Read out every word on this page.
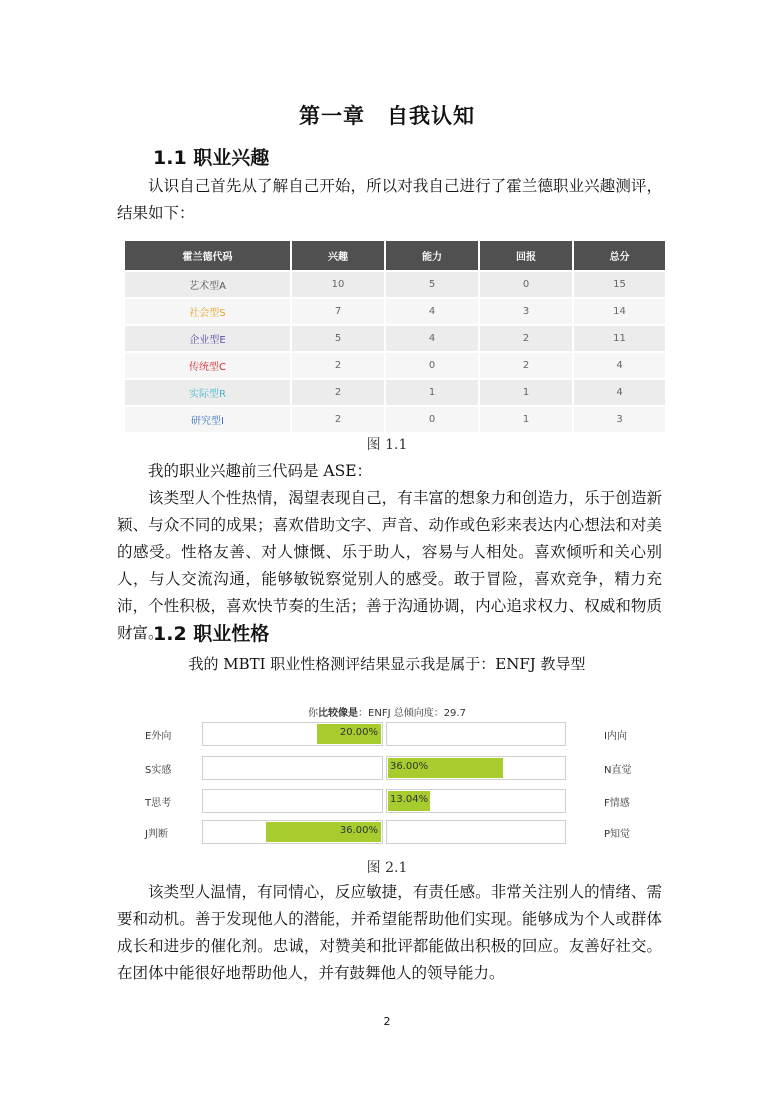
第一章　自我认知
1.1 职业兴趣

认识自己首先从了解自己开始，所以对我自己进行了霍兰德职业兴趣测评，结果如下：

霍兰德代码	兴趣	能力	回报	总分
艺术型A	10	5	0	15
社会型S	7	4	3	14
企业型E	5	4	2	11
传统型C	2	0	2	4
实际型R	2	1	1	4
研究型I	2	0	1	3
图 1.1

我的职业兴趣前三代码是 ASE：

该类型人个性热情，渴望表现自己，有丰富的想象力和创造力，乐于创造新颖、与众不同的成果；喜欢借助文字、声音、动作或色彩来表达内心想法和对美的感受。性格友善、对人慷慨、乐于助人，容易与人相处。喜欢倾听和关心别人，与人交流沟通，能够敏锐察觉别人的感受。敢于冒险，喜欢竞争，精力充沛，个性积极，喜欢快节奏的生活；善于沟通协调，内心追求权力、权威和物质财富。

1.2 职业性格
我的 MBTI 职业性格测评结果显示我是属于：ENFJ 教导型
你比较像是：ENFJ 总倾向度：29.7
E外向	20.00%	I内向
S实感	36.00%	N直觉
T思考	13.04%	F情感
J判断	36.00%	P知觉
图 2.1

该类型人温情，有同情心，反应敏捷，有责任感。非常关注别人的情绪、需要和动机。善于发现他人的潜能，并希望能帮助他们实现。能够成为个人或群体成长和进步的催化剂。忠诚，对赞美和批评都能做出积极的回应。友善好社交。在团体中能很好地帮助他人，并有鼓舞他人的领导能力。

2
